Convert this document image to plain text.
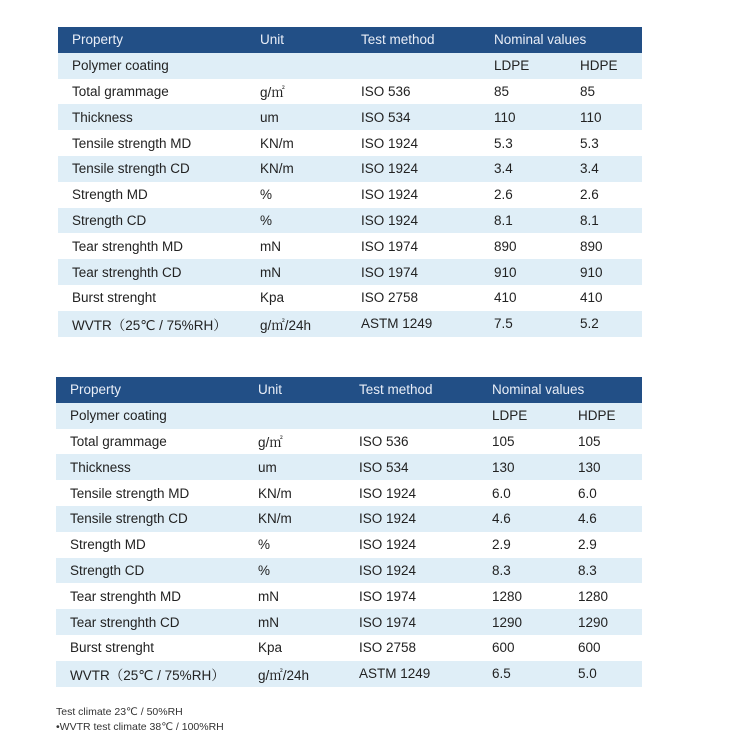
Property	Unit	Test method	Nominal values	
Polymer coating			LDPE	HDPE
Total grammage	g/㎡	ISO 536	85	85
Thickness	um	ISO 534	110	110
Tensile strength MD	KN/m	ISO 1924	5.3	5.3
Tensile strength CD	KN/m	ISO 1924	3.4	3.4
Strength MD	%	ISO 1924	2.6	2.6
Strength CD	%	ISO 1924	8.1	8.1
Tear strenghth MD	mN	ISO 1974	890	890
Tear strenghth CD	mN	ISO 1974	910	910
Burst strenght	Kpa	ISO 2758	410	410
WVTR（25℃ / 75%RH）	g/㎡/24h	ASTM 1249	7.5	5.2
Property	Unit	Test method	Nominal values	
Polymer coating			LDPE	HDPE
Total grammage	g/㎡	ISO 536	105	105
Thickness	um	ISO 534	130	130
Tensile strength MD	KN/m	ISO 1924	6.0	6.0
Tensile strength CD	KN/m	ISO 1924	4.6	4.6
Strength MD	%	ISO 1924	2.9	2.9
Strength CD	%	ISO 1924	8.3	8.3
Tear strenghth MD	mN	ISO 1974	1280	1280
Tear strenghth CD	mN	ISO 1974	1290	1290
Burst strenght	Kpa	ISO 2758	600	600
WVTR（25℃ / 75%RH）	g/㎡/24h	ASTM 1249	6.5	5.0
Test climate 23℃ / 50%RH
•WVTR test climate 38℃ / 100%RH
